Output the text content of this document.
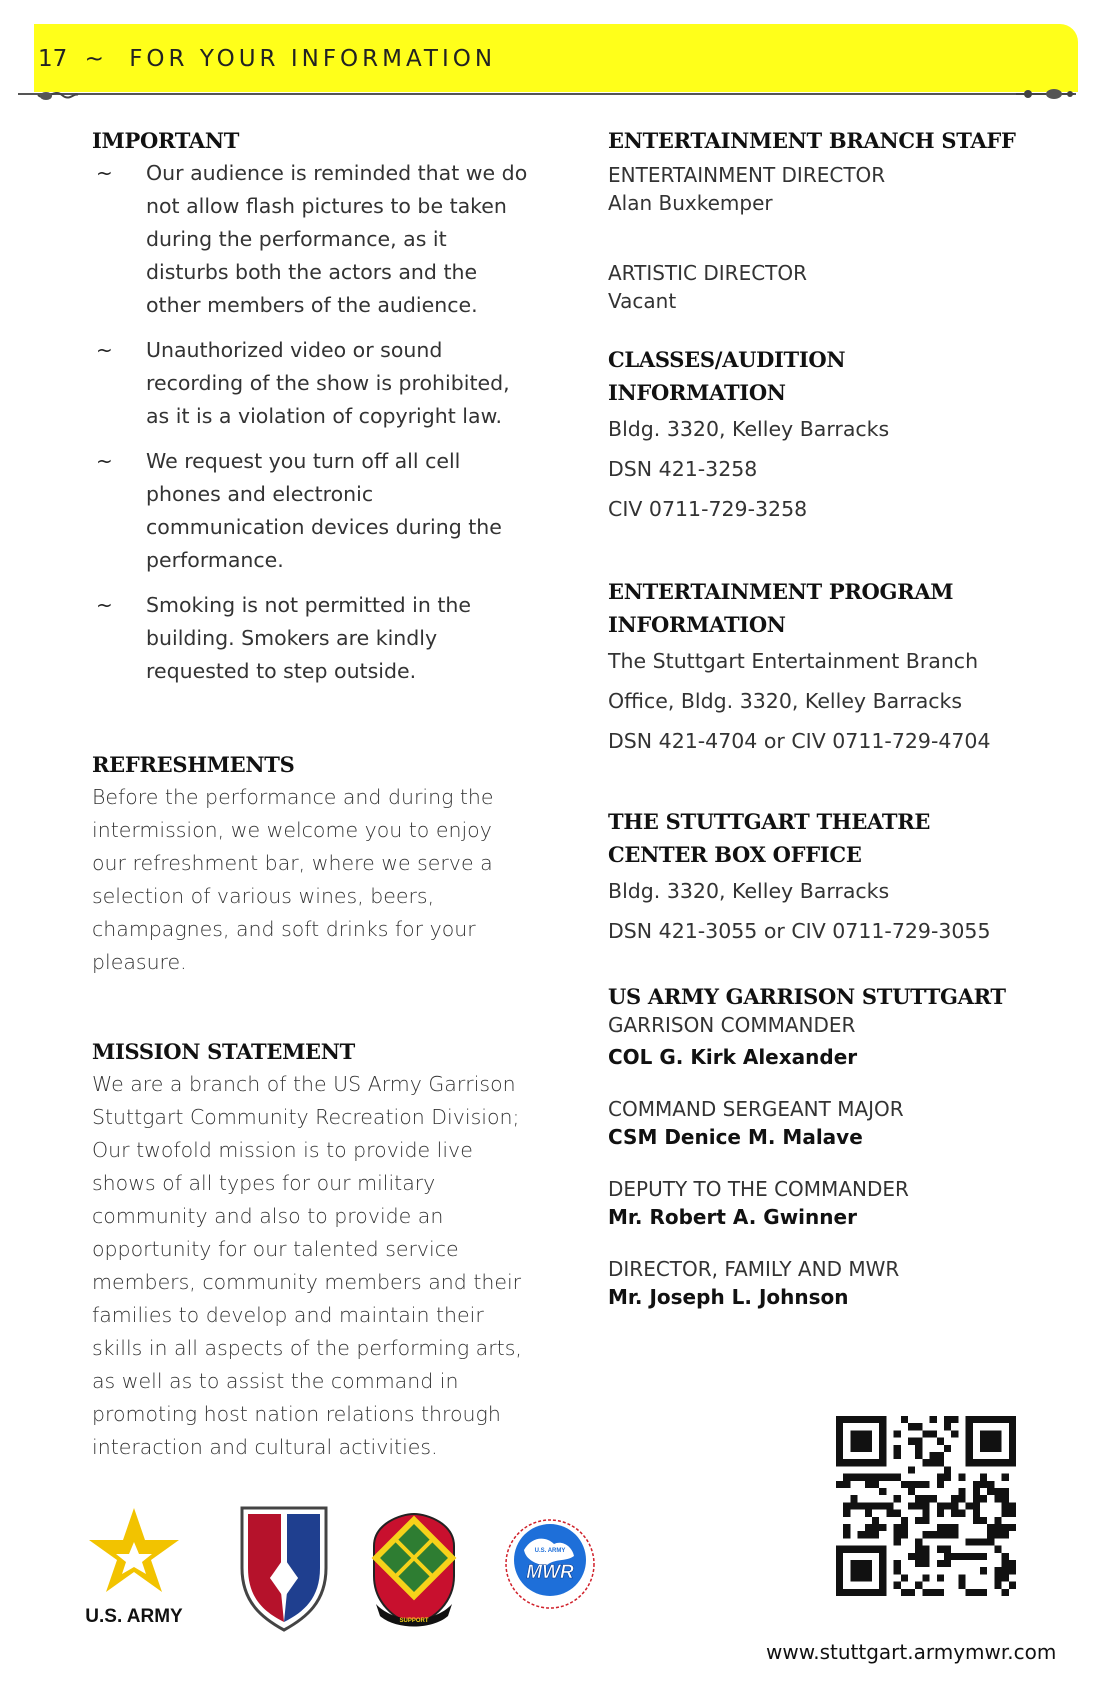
17 ~ FOR YOUR INFORMATION
IMPORTANT
~ Our audience is reminded that we do not allow flash pictures to be taken during the performance, as it disturbs both the actors and the other members of the audience.
~ Unauthorized video or sound recording of the show is prohibited, as it is a violation of copyright law.
~ We request you turn off all cell phones and electronic communication devices during the performance.
~ Smoking is not permitted in the building. Smokers are kindly requested to step outside.
REFRESHMENTS

Before the performance and during the intermission, we welcome you to enjoy our refreshment bar, where we serve a selection of various wines, beers, champagnes, and soft drinks for your pleasure.

MISSION STATEMENT

We are a branch of the US Army Garrison Stuttgart Community Recreation Division; Our twofold mission is to provide live shows of all types for our military community and also to provide an opportunity for our talented service members, community members and their families to develop and maintain their skills in all aspects of the performing arts, as well as to assist the command in promoting host nation relations through interaction and cultural activities.

ENTERTAINMENT BRANCH STAFF

ENTERTAINMENT DIRECTOR

Alan Buxkemper

ARTISTIC DIRECTOR

Vacant

CLASSES/AUDITION
INFORMATION

Bldg. 3320, Kelley Barracks

DSN 421-3258

CIV 0711-729-3258

ENTERTAINMENT PROGRAM
INFORMATION

The Stuttgart Entertainment Branch

Office, Bldg. 3320, Kelley Barracks

DSN 421-4704 or CIV 0711-729-4704

THE STUTTGART THEATRE
CENTER BOX OFFICE

Bldg. 3320, Kelley Barracks

DSN 421-3055 or CIV 0711-729-3055

US ARMY GARRISON STUTTGART

GARRISON COMMANDER

COL G. Kirk Alexander

COMMAND SERGEANT MAJOR

CSM Denice M. Malave

DEPUTY TO THE COMMANDER

Mr. Robert A. Gwinner

DIRECTOR, FAMILY AND MWR

Mr. Joseph L. Johnson

U.S. ARMY	SUPPORT
U.S. ARMY
MWR
www.stuttgart.armymwr.com
